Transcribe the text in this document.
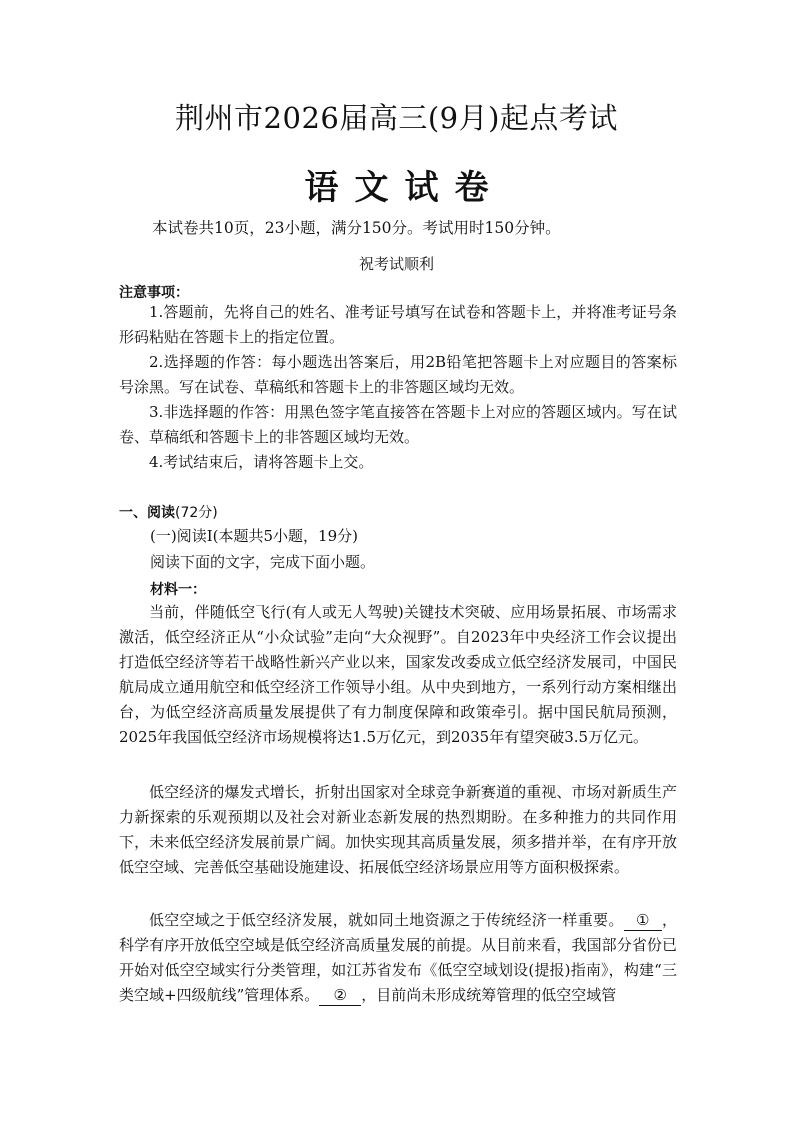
荆州市2026届高三(9月)起点考试
语文试卷
本试卷共10页，23小题，满分150分。考试用时150分钟。
祝考试顺利
注意事项：
1.答题前，先将自己的姓名、准考证号填写在试卷和答题卡上，并将准考证号条形码粘贴在答题卡上的指定位置。
2.选择题的作答：每小题选出答案后，用2B铅笔把答题卡上对应题目的答案标号涂黑。写在试卷、草稿纸和答题卡上的非答题区域均无效。
3.非选择题的作答：用黑色签字笔直接答在答题卡上对应的答题区域内。写在试卷、草稿纸和答题卡上的非答题区域均无效。
4.考试结束后，请将答题卡上交。
一、阅读(72分)
(一)阅读Ⅰ(本题共5小题，19分)
阅读下面的文字，完成下面小题。
材料一：
当前，伴随低空飞行(有人或无人驾驶)关键技术突破、应用场景拓展、市场需求激活，低空经济正从“小众试验”走向“大众视野”。自2023年中央经济工作会议提出打造低空经济等若干战略性新兴产业以来，国家发改委成立低空经济发展司，中国民航局成立通用航空和低空经济工作领导小组。从中央到地方，一系列行动方案相继出台，为低空经济高质量发展提供了有力制度保障和政策牵引。据中国民航局预测，2025年我国低空经济市场规模将达1.5万亿元，到2035年有望突破3.5万亿元。
低空经济的爆发式增长，折射出国家对全球竞争新赛道的重视、市场对新质生产力新探索的乐观预期以及社会对新业态新发展的热烈期盼。在多种推力的共同作用下，未来低空经济发展前景广阔。加快实现其高质量发展，须多措并举，在有序开放低空空域、完善低空基础设施建设、拓展低空经济场景应用等方面积极探索。
低空空域之于低空经济发展，就如同土地资源之于传统经济一样重要。 ① ，科学有序开放低空空域是低空经济高质量发展的前提。从目前来看，我国部分省份已开始对低空空域实行分类管理，如江苏省发布《低空空域划设(提报)指南》，构建“三类空域+四级航线”管理体系。 ② ，目前尚未形成统筹管理的低空空域管
